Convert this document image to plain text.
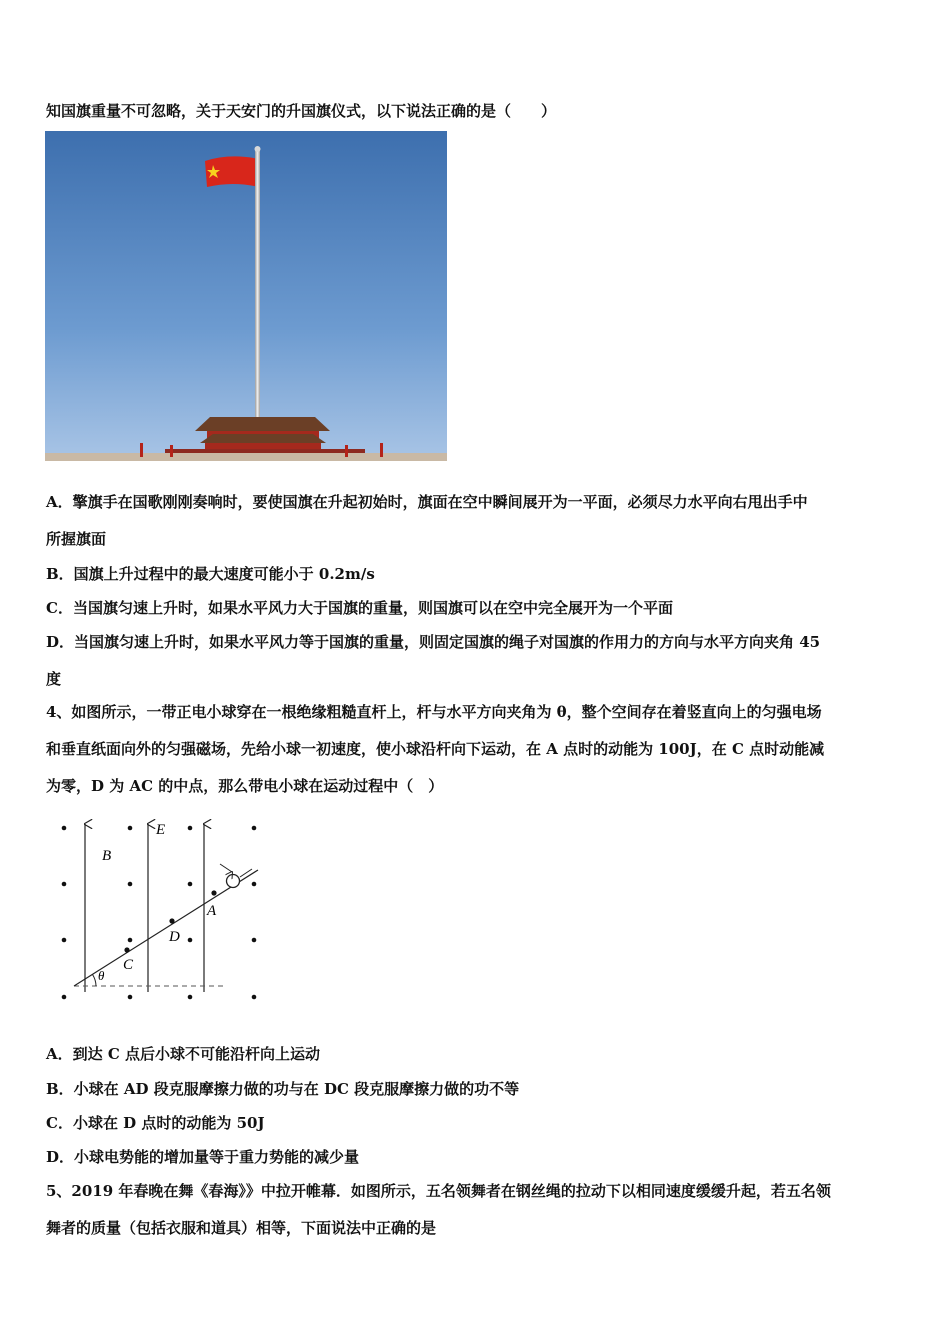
知国旗重量不可忽略，关于天安门的升国旗仪式，以下说法正确的是（　　）
A．擎旗手在国歌刚刚奏响时，要使国旗在升起初始时，旗面在空中瞬间展开为一平面，必须尽力水平向右甩出手中
所握旗面
B．国旗上升过程中的最大速度可能小于 0.2m/s
C．当国旗匀速上升时，如果水平风力大于国旗的重量，则国旗可以在空中完全展开为一个平面
D．当国旗匀速上升时，如果水平风力等于国旗的重量，则固定国旗的绳子对国旗的作用力的方向与水平方向夹角 45
度
4、如图所示，一带正电小球穿在一根绝缘粗糙直杆上，杆与水平方向夹角为 θ，整个空间存在着竖直向上的匀强电场
和垂直纸面向外的匀强磁场，先给小球一初速度，使小球沿杆向下运动，在 A 点时的动能为 100J，在 C 点时动能减
为零，D 为 AC 的中点，那么带电小球在运动过程中（　）
E
B
A
D
C
θ
A．到达 C 点后小球不可能沿杆向上运动
B．小球在 AD 段克服摩擦力做的功与在 DC 段克服摩擦力做的功不等
C．小球在 D 点时的动能为 50J
D．小球电势能的增加量等于重力势能的减少量
5、2019 年春晚在舞《春海》》中拉开帷幕．如图所示，五名领舞者在钢丝绳的拉动下以相同速度缓缓升起，若五名领
舞者的质量（包括衣服和道具）相等，下面说法中正确的是
